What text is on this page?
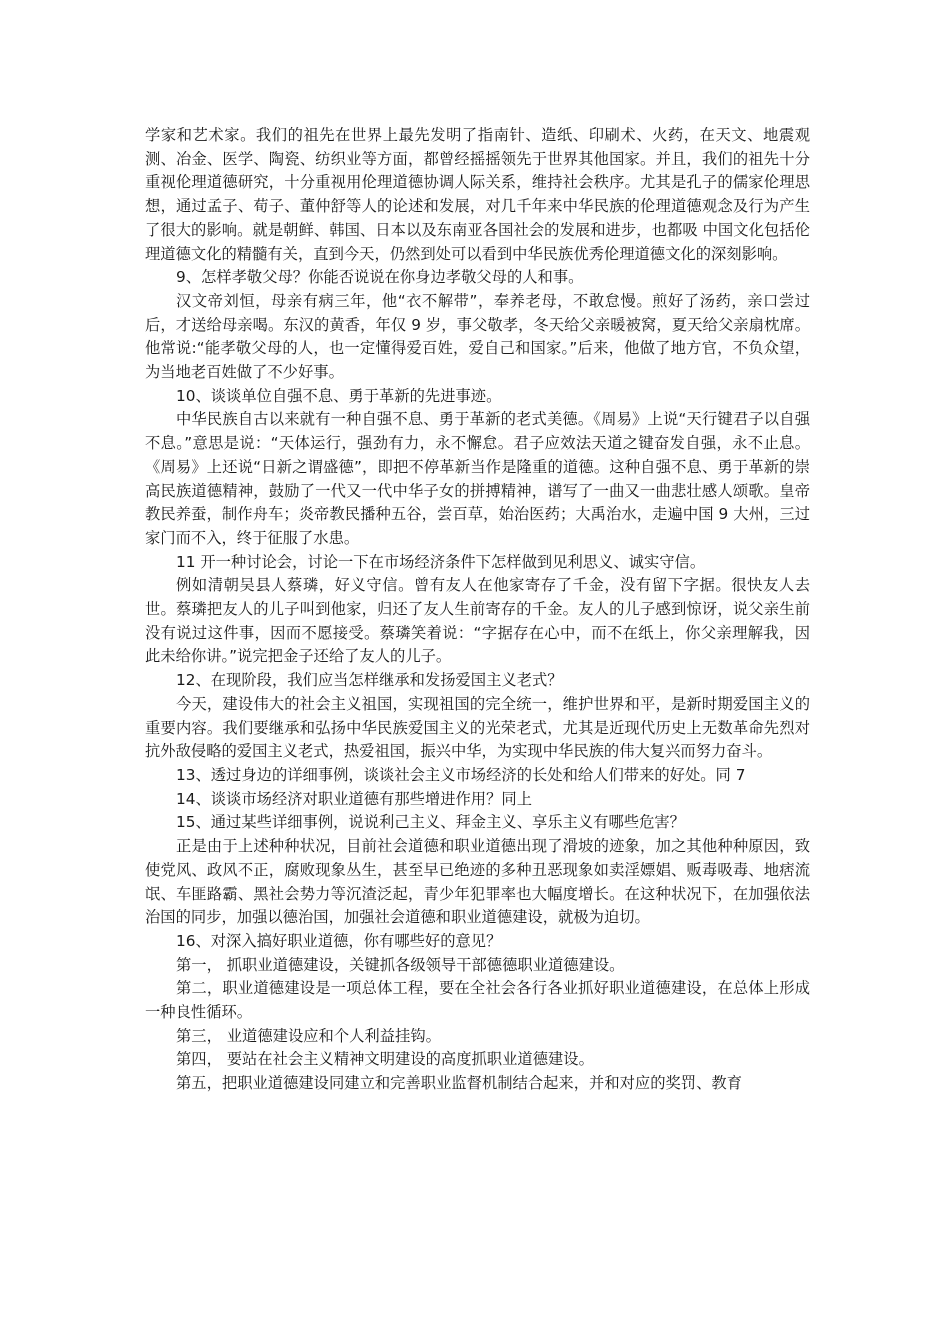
学家和艺术家。我们的祖先在世界上最先发明了指南针、造纸、印刷术、火药，在天文、地震观测、冶金、医学、陶瓷、纺织业等方面，都曾经摇摇领先于世界其他国家。并且，我们的祖先十分重视伦理道德研究，十分重视用伦理道德协调人际关系，维持社会秩序。尤其是孔子的儒家伦理思想，通过孟子、荀子、董仲舒等人的论述和发展，对几千年来中华民族的伦理道德观念及行为产生了很大的影响。就是朝鲜、韩国、日本以及东南亚各国社会的发展和进步，也都吸 中国文化包括伦理道德文化的精髓有关，直到今天，仍然到处可以看到中华民族优秀伦理道德文化的深刻影响。

9、怎样孝敬父母？你能否说说在你身边孝敬父母的人和事。

汉文帝刘恒，母亲有病三年，他“衣不解带”，奉养老母，不敢怠慢。煎好了汤药，亲口尝过后，才送给母亲喝。东汉的黄香，年仅 9 岁，事父敬孝，冬天给父亲暖被窝，夏天给父亲扇枕席。他常说:“能孝敬父母的人，也一定懂得爱百姓，爱自己和国家。”后来，他做了地方官，不负众望，为当地老百姓做了不少好事。

10、谈谈单位自强不息、勇于革新的先进事迹。

中华民族自古以来就有一种自强不息、勇于革新的老式美德。《周易》上说“天行键君子以自强不息。”意思是说：“天体运行，强劲有力，永不懈怠。君子应效法天道之键奋发自强，永不止息。《周易》上还说“日新之谓盛德”，即把不停革新当作是隆重的道德。这种自强不息、勇于革新的崇高民族道德精神，鼓励了一代又一代中华子女的拼搏精神，谱写了一曲又一曲悲壮感人颂歌。皇帝教民养蚕，制作舟车；炎帝教民播种五谷，尝百草，始治医药；大禹治水，走遍中国 9 大州，三过家门而不入，终于征服了水患。

11 开一种讨论会，讨论一下在市场经济条件下怎样做到见利思义、诚实守信。

例如清朝吴县人蔡璘，好义守信。曾有友人在他家寄存了千金，没有留下字据。很快友人去世。蔡璘把友人的儿子叫到他家，归还了友人生前寄存的千金。友人的儿子感到惊讶，说父亲生前没有说过这件事，因而不愿接受。蔡璘笑着说：“字据存在心中，而不在纸上，你父亲理解我，因此未给你讲。”说完把金子还给了友人的儿子。

12、在现阶段，我们应当怎样继承和发扬爱国主义老式？

今天，建设伟大的社会主义祖国，实现祖国的完全统一，维护世界和平，是新时期爱国主义的重要内容。我们要继承和弘扬中华民族爱国主义的光荣老式，尤其是近现代历史上无数革命先烈对抗外敌侵略的爱国主义老式，热爱祖国，振兴中华，为实现中华民族的伟大复兴而努力奋斗。

13、透过身边的详细事例，谈谈社会主义市场经济的长处和给人们带来的好处。同 7

14、谈谈市场经济对职业道德有那些增进作用？同上

15、通过某些详细事例，说说利己主义、拜金主义、享乐主义有哪些危害？

正是由于上述种种状况，目前社会道德和职业道德出现了滑坡的迹象，加之其他种种原因，致使党风、政风不正，腐败现象丛生，甚至早已绝迹的多种丑恶现象如卖淫嫖娼、贩毒吸毒、地痞流氓、车匪路霸、黑社会势力等沉渣泛起，青少年犯罪率也大幅度增长。在这种状况下，在加强依法治国的同步，加强以德治国，加强社会道德和职业道德建设，就极为迫切。

16、对深入搞好职业道德，你有哪些好的意见？

第一， 抓职业道德建设，关键抓各级领导干部德德职业道德建设。

第二，职业道德建设是一项总体工程，要在全社会各行各业抓好职业道德建设，在总体上形成一种良性循环。

第三， 业道德建设应和个人利益挂钩。

第四， 要站在社会主义精神文明建设的高度抓职业道德建设。

第五，把职业道德建设同建立和完善职业监督机制结合起来，并和对应的奖罚、教育
